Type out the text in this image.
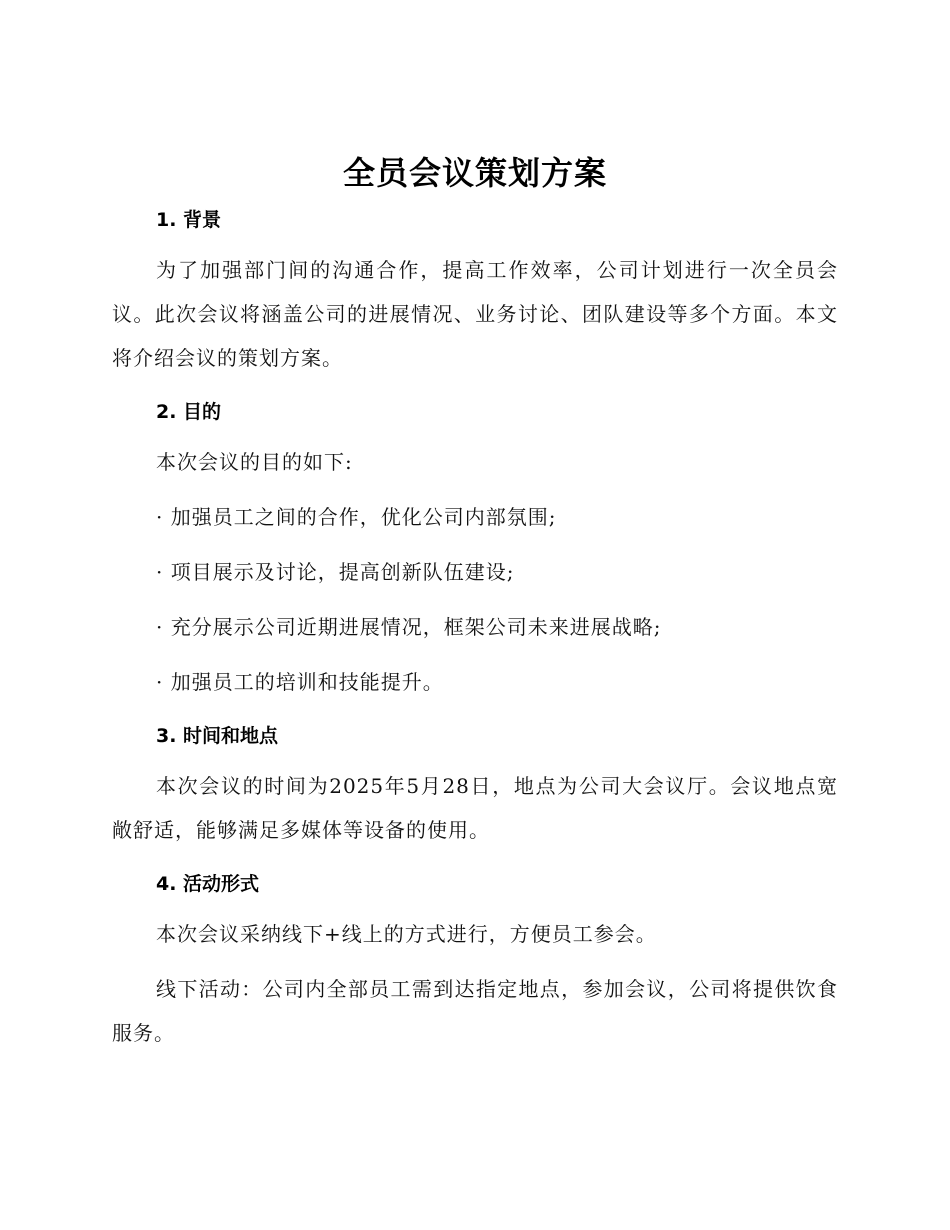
全员会议策划方案
1. 背景
为了加强部门间的沟通合作，提高工作效率，公司计划进行一次全员会议。此次会议将涵盖公司的进展情况、业务讨论、团队建设等多个方面。本文将介绍会议的策划方案。
2. 目的
本次会议的目的如下:
· 加强员工之间的合作，优化公司内部氛围;
· 项目展示及讨论，提高创新队伍建设;
· 充分展示公司近期进展情况，框架公司未来进展战略;
· 加强员工的培训和技能提升。
3. 时间和地点
本次会议的时间为2025年5月28日，地点为公司大会议厅。会议地点宽敞舒适，能够满足多媒体等设备的使用。
4. 活动形式
本次会议采纳线下+线上的方式进行，方便员工参会。
线下活动：公司内全部员工需到达指定地点，参加会议，公司将提供饮食服务。
